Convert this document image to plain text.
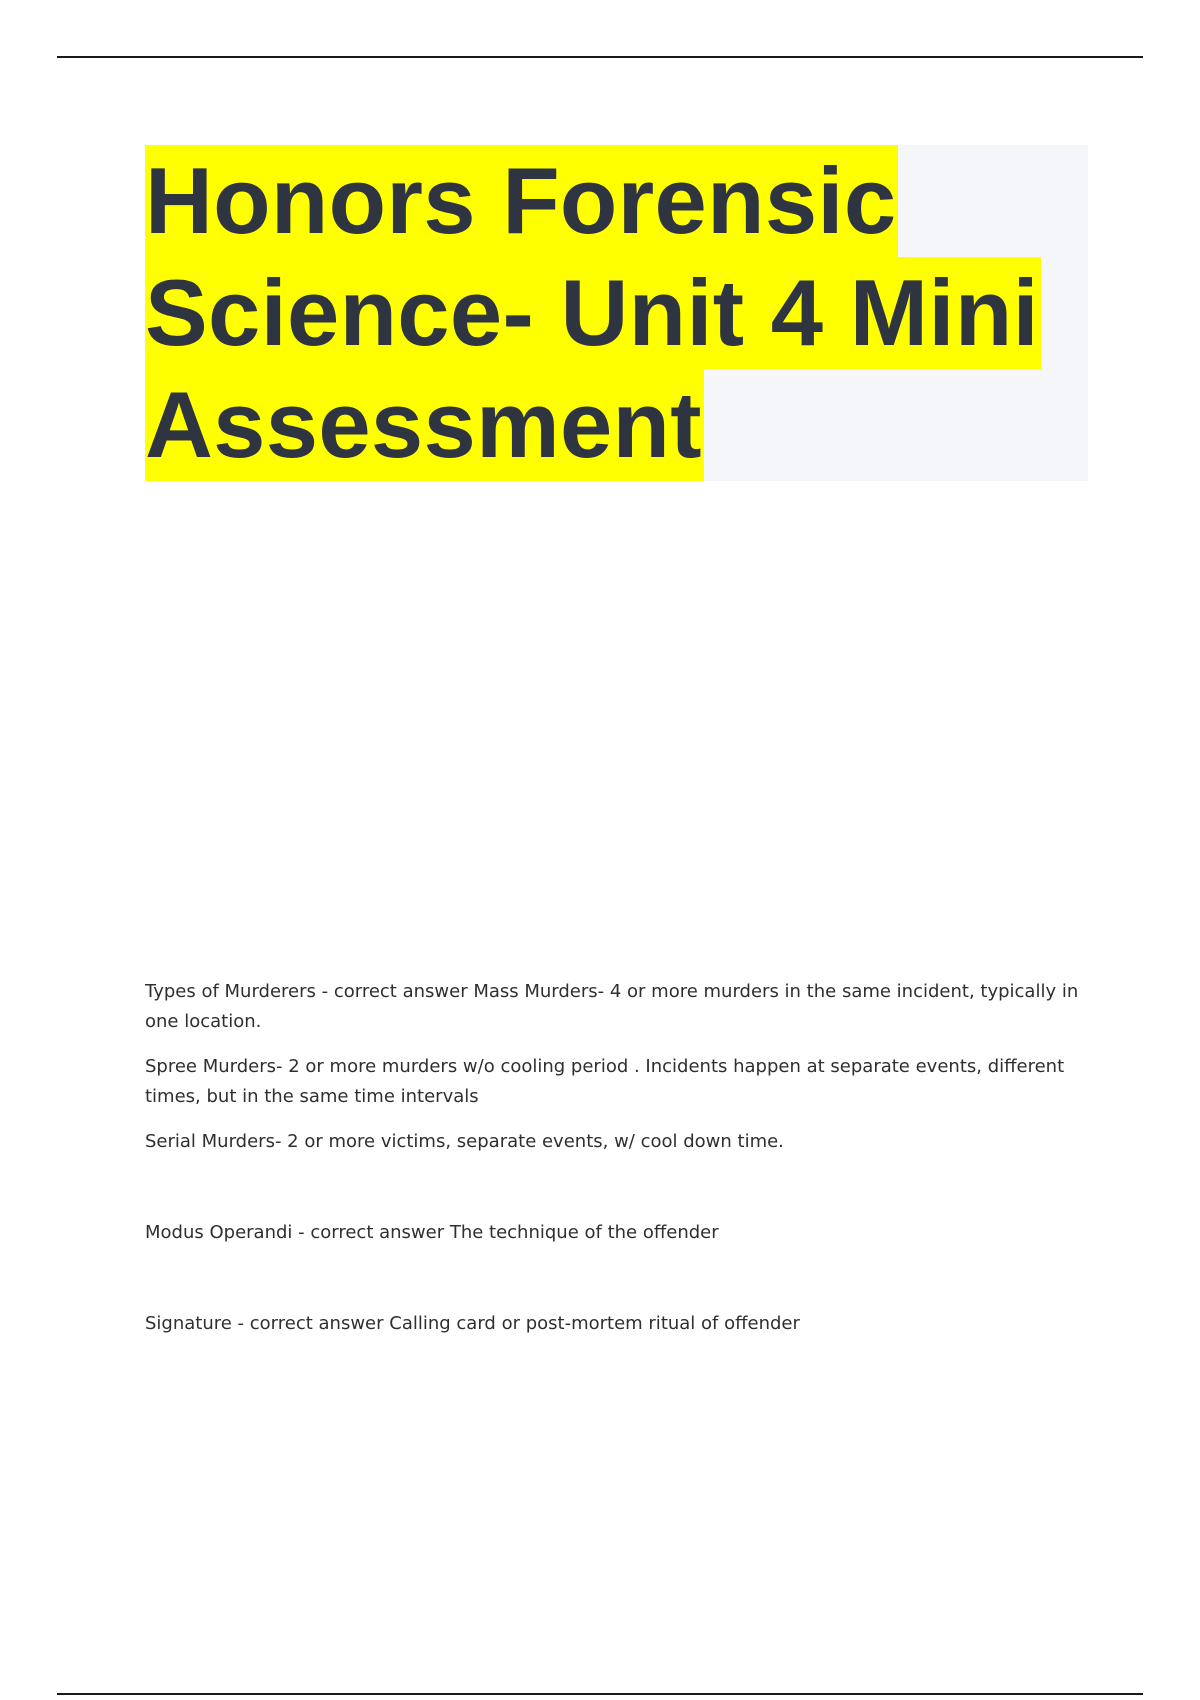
Honors Forensic
Science- Unit 4 Mini
Assessment

Types of Murderers - correct answer Mass Murders- 4 or more murders in the same incident, typically in one location.

Spree Murders- 2 or more murders w/o cooling period . Incidents happen at separate events, different times, but in the same time intervals

Serial Murders- 2 or more victims, separate events, w/ cool down time.

Modus Operandi - correct answer The technique of the offender

Signature - correct answer Calling card or post-mortem ritual of offender
